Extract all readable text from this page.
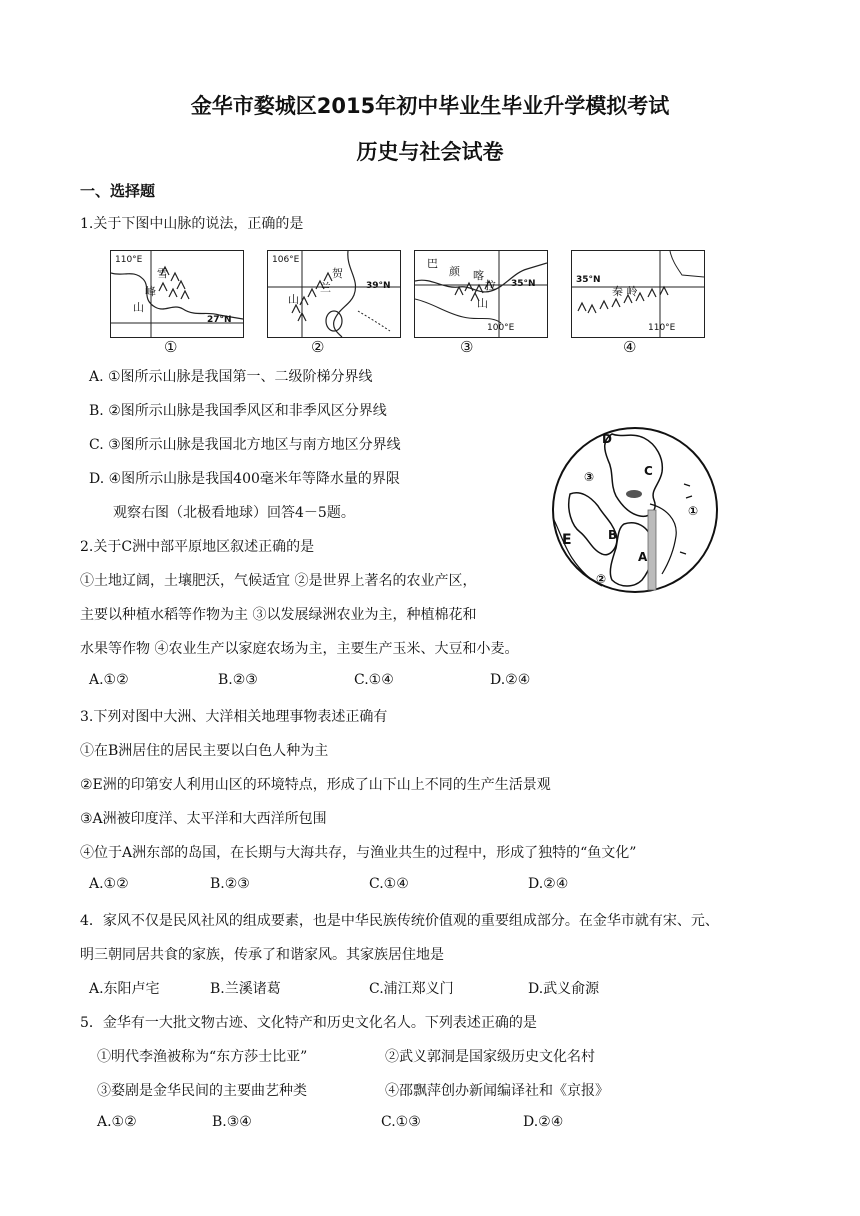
金华市婺城区2015年初中毕业生毕业升学模拟考试
历史与社会试卷
一、选择题
1.关于下图中山脉的说法，正确的是
110°E
雪
峰
山
27°N
①
106°E
贺
兰
山
39°N
②
巴
颜 喀
拉
山
35°N
100°E
③
35°N
秦 岭
110°E
④
A. ①图所示山脉是我国第一、二级阶梯分界线
B. ②图所示山脉是我国季风区和非季风区分界线
C. ③图所示山脉是我国北方地区与南方地区分界线
D. ④图所示山脉是我国400毫米年等降水量的界限
观察右图（北极看地球）回答4－5题。
D
C
③
①
B
E
A
②
2.关于C洲中部平原地区叙述正确的是
①土地辽阔，土壤肥沃，气候适宜 ②是世界上著名的农业产区，
主要以种植水稻等作物为主 ③以发展绿洲农业为主，种植棉花和
水果等作物 ④农业生产以家庭农场为主，主要生产玉米、大豆和小麦。
A.①②	B.②③	C.①④	D.②④
3.下列对图中大洲、大洋相关地理事物表述正确有
①在B洲居住的居民主要以白色人种为主
②E洲的印第安人利用山区的环境特点，形成了山下山上不同的生产生活景观
③A洲被印度洋、太平洋和大西洋所包围
④位于A洲东部的岛国，在长期与大海共存，与渔业共生的过程中，形成了独特的“鱼文化”
A.①②	B.②③	C.①④	D.②④
4．家风不仅是民风社风的组成要素，也是中华民族传统价值观的重要组成部分。在金华市就有宋、元、
明三朝同居共食的家族，传承了和谐家风。其家族居住地是
A.东阳卢宅	B.兰溪诸葛	C.浦江郑义门	D.武义俞源
5．金华有一大批文物古迹、文化特产和历史文化名人。下列表述正确的是
①明代李渔被称为“东方莎士比亚”	②武义郭洞是国家级历史文化名村
③婺剧是金华民间的主要曲艺种类	④邵飘萍创办新闻编译社和《京报》
A.①②	B.③④	C.①③	D.②④
